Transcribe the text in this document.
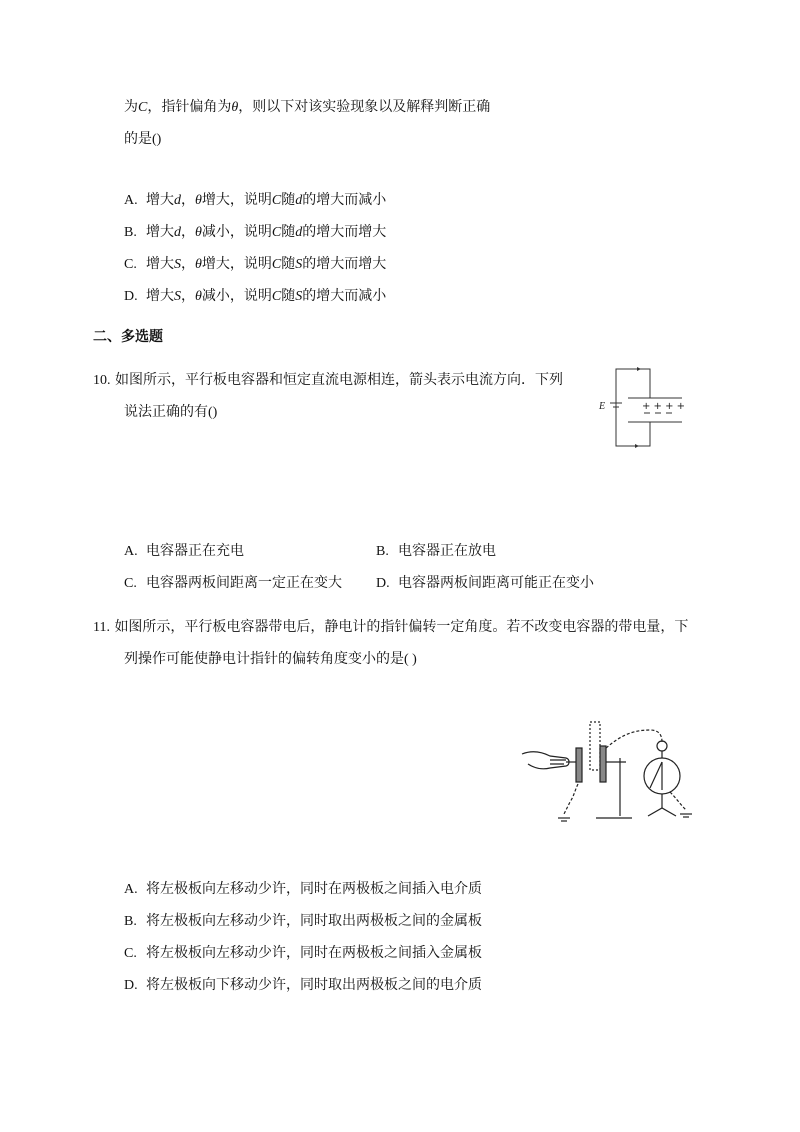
为C，指针偏角为θ，则以下对该实验现象以及解释判断正确
的是()
A. 增大d，θ增大，说明C随d的增大而减小
B. 增大d，θ减小，说明C随d的增大而增大
C. 增大S，θ增大，说明C随S的增大而增大
D. 增大S，θ减小，说明C随S的增大而减小
二、多选题
10. 如图所示，平行板电容器和恒定直流电源相连，箭头表示电流方向．下列
说法正确的有()	E	+ + + +
A. 电容器正在充电	B. 电容器正在放电
C. 电容器两板间距离一定正在变大 D. 电容器两板间距离可能正在变小
11. 如图所示，平行板电容器带电后，静电计的指针偏转一定角度。若不改变电容器的带电量，下
列操作可能使静电计指针的偏转角度变小的是( )
A. 将左极板向左移动少许，同时在两极板之间插入电介质
B. 将左极板向左移动少许，同时取出两极板之间的金属板
C. 将左极板向左移动少许，同时在两极板之间插入金属板
D. 将左极板向下移动少许，同时取出两极板之间的电介质
